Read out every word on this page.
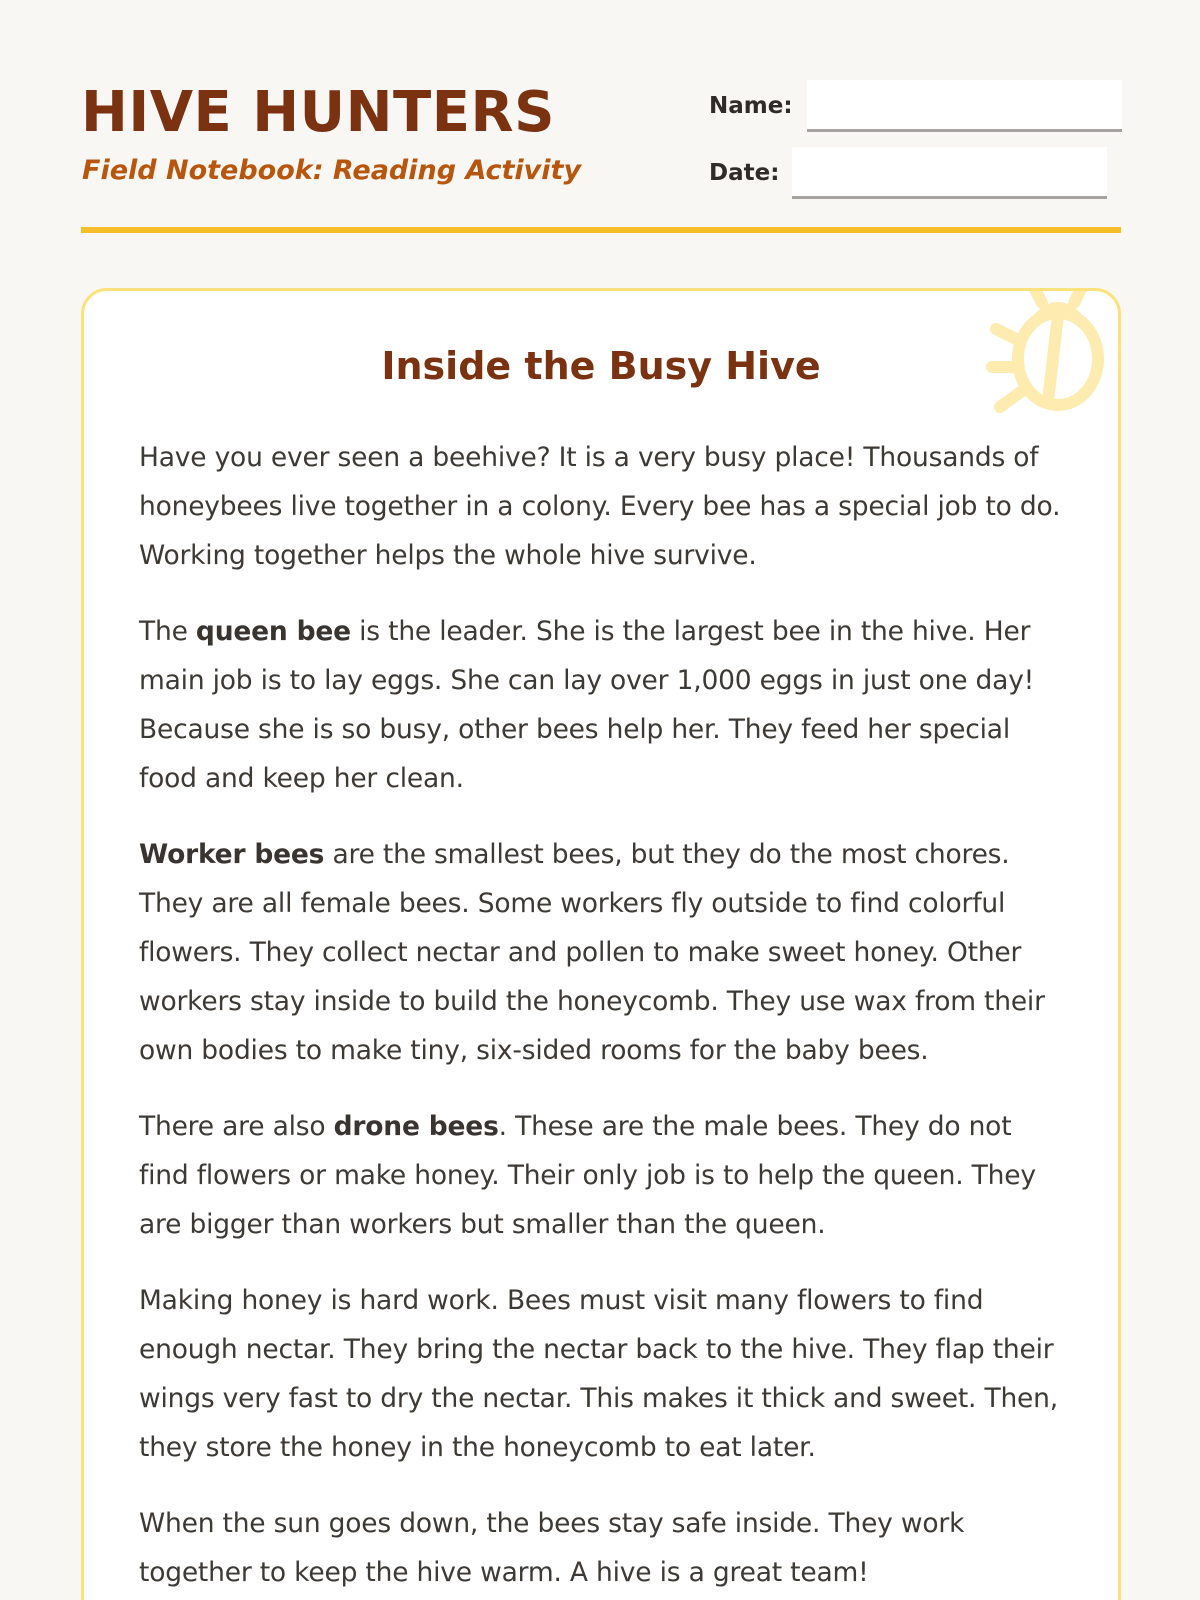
HIVE HUNTERS

Field Notebook: Reading Activity

Name:
Date:
Inside the Busy Hive

Have you ever seen a beehive? It is a very busy place! Thousands of honeybees live together in a colony. Every bee has a special job to do. Working together helps the whole hive survive.

The queen bee is the leader. She is the largest bee in the hive. Her main job is to lay eggs. She can lay over 1,000 eggs in just one day! Because she is so busy, other bees help her. They feed her special food and keep her clean.

Worker bees are the smallest bees, but they do the most chores. They are all female bees. Some workers fly outside to find colorful flowers. They collect nectar and pollen to make sweet honey. Other workers stay inside to build the honeycomb. They use wax from their own bodies to make tiny, six-sided rooms for the baby bees.

There are also drone bees. These are the male bees. They do not find flowers or make honey. Their only job is to help the queen. They are bigger than workers but smaller than the queen.

Making honey is hard work. Bees must visit many flowers to find enough nectar. They bring the nectar back to the hive. They flap their wings very fast to dry the nectar. This makes it thick and sweet. Then, they store the honey in the honeycomb to eat later.

When the sun goes down, the bees stay safe inside. They work together to keep the hive warm. A hive is a great team!
